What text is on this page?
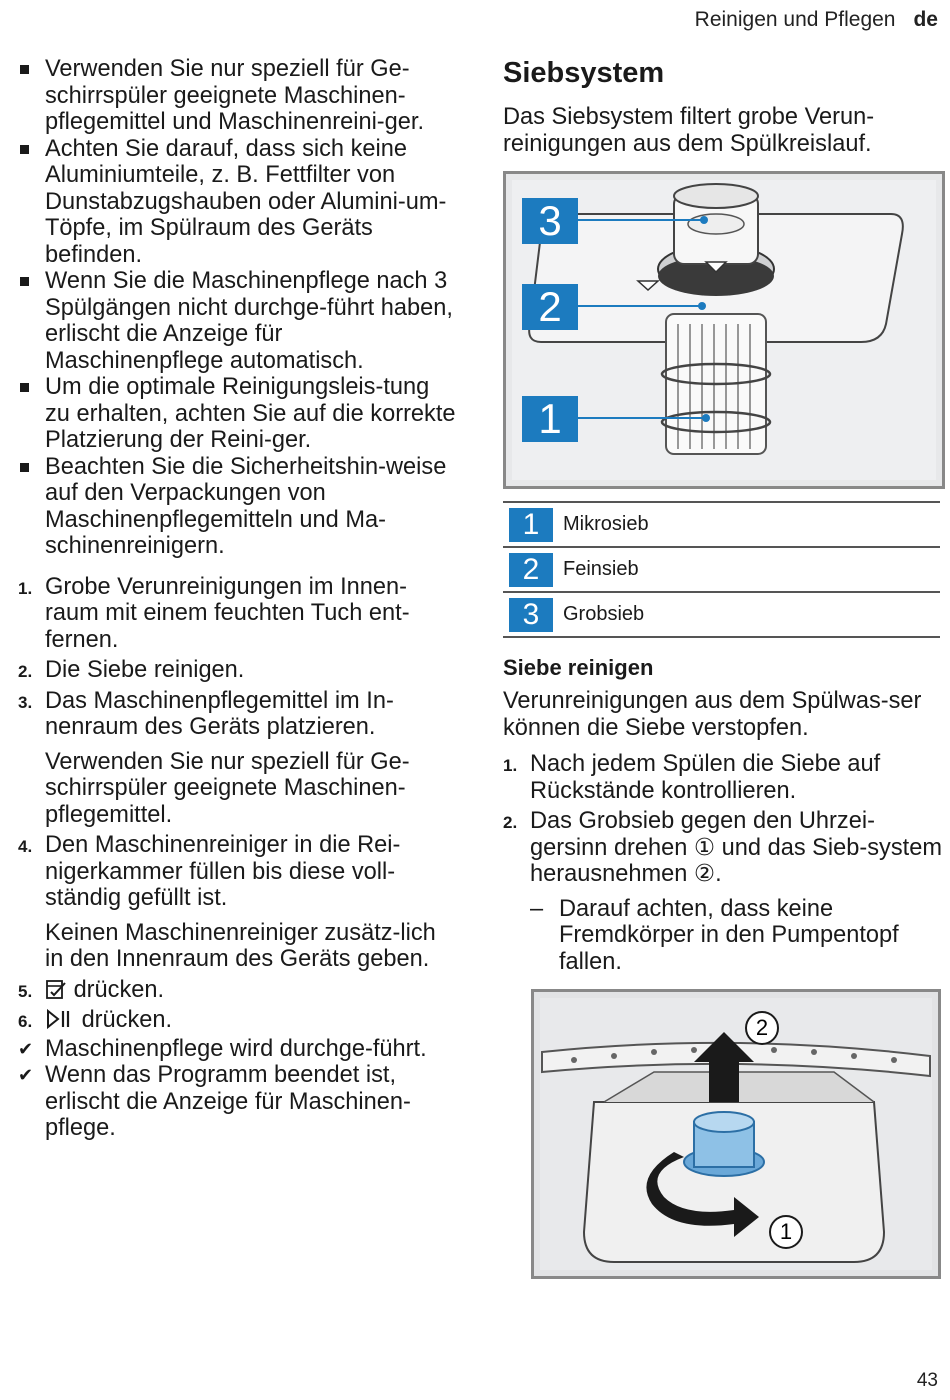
Reinigen und Pflegen de
Verwenden Sie nur speziell für Ge-schirrspüler geeignete Maschinen-pflegemittel und Maschinenreini-ger.
Achten Sie darauf, dass sich keine Aluminiumteile, z. B. Fettfilter von Dunstabzugshauben oder Alumini-um-Töpfe, im Spülraum des Geräts befinden.
Wenn Sie die Maschinenpflege nach 3 Spülgängen nicht durchge-führt haben, erlischt die Anzeige für Maschinenpflege automatisch.
Um die optimale Reinigungsleis-tung zu erhalten, achten Sie auf die korrekte Platzierung der Reini-ger.
Beachten Sie die Sicherheitshin-weise auf den Verpackungen von Maschinenpflegemitteln und Ma-schinenreinigern.
1. Grobe Verunreinigungen im Innen-raum mit einem feuchten Tuch ent-fernen.
2. Die Siebe reinigen.
3. Das Maschinenpflegemittel im In-nenraum des Geräts platzieren.
Verwenden Sie nur speziell für Ge-schirrspüler geeignete Maschinen-pflegemittel.
4. Den Maschinenreiniger in die Rei-nigerkammer füllen bis diese voll-ständig gefüllt ist.
Keinen Maschinenreiniger zusätz-lich in den Innenraum des Geräts geben.
5. drücken.
6. drücken.
✔ Maschinenpflege wird durchge-führt.
✔ Wenn das Programm beendet ist, erlischt die Anzeige für Maschinen-pflege.
Siebsystem
Das Siebsystem filtert grobe Verun-reinigungen aus dem Spülkreislauf.
3
2
1
1	Mikrosieb
2	Feinsieb
3	Grobsieb
Siebe reinigen
Verunreinigungen aus dem Spülwas-ser können die Siebe verstopfen.
1. Nach jedem Spülen die Siebe auf Rückstände kontrollieren.
2. Das Grobsieb gegen den Uhrzei-gersinn drehen ① und das Sieb-system herausnehmen ②.
– Darauf achten, dass keine Fremdkörper in den Pumpentopf fallen.
2
1
43
